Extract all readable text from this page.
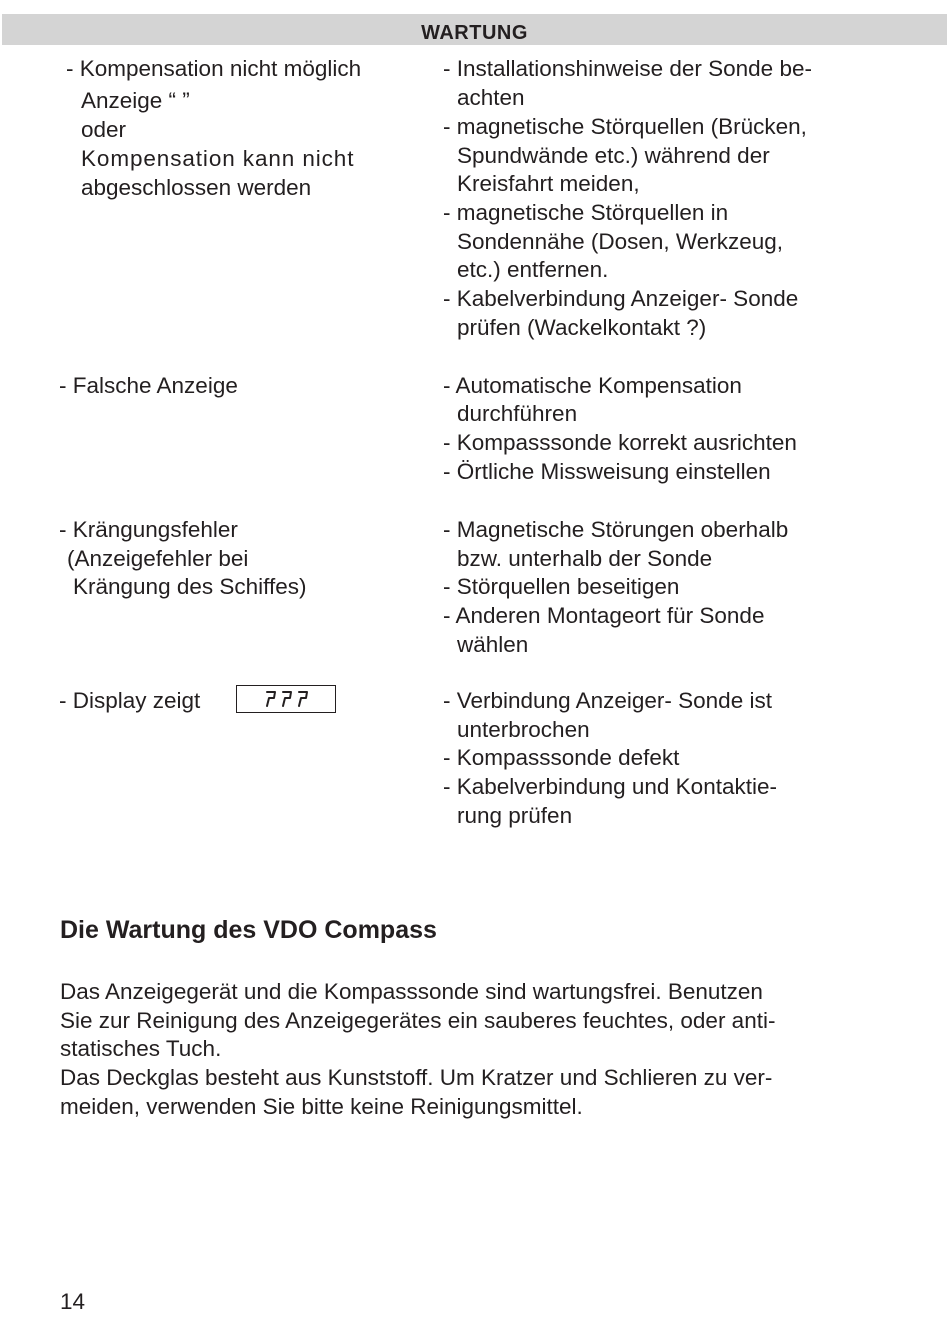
WARTUNG
- Kompensation nicht möglich
Anzeige “ ”
oder
Kompensation kann nicht
abgeschlossen werden
- Installationshinweise der Sonde be-
achten
- magnetische Störquellen (Brücken,
Spundwände etc.) während der
Kreisfahrt meiden,
- magnetische Störquellen in
Sondennähe (Dosen, Werkzeug,
etc.) entfernen.
- Kabelverbindung Anzeiger- Sonde
prüfen (Wackelkontakt ?)
- Falsche Anzeige	- Automatische Kompensation
durchführen
- Kompasssonde korrekt ausrichten
- Örtliche Missweisung einstellen
- Krängungsfehler
(Anzeigefehler bei
Krängung des Schiffes)
- Magnetische Störungen oberhalb
bzw. unterhalb der Sonde
- Störquellen beseitigen
- Anderen Montageort für Sonde
wählen
- Display zeigt	- Verbindung Anzeiger- Sonde ist
unterbrochen
- Kompasssonde defekt
- Kabelverbindung und Kontaktie-
rung prüfen
Die Wartung des VDO Compass
Das Anzeigegerät und die Kompasssonde sind wartungsfrei. Benutzen
Sie zur Reinigung des Anzeigegerätes ein sauberes feuchtes, oder anti-
statisches Tuch.
Das Deckglas besteht aus Kunststoff. Um Kratzer und Schlieren zu ver-
meiden, verwenden Sie bitte keine Reinigungsmittel.
14
